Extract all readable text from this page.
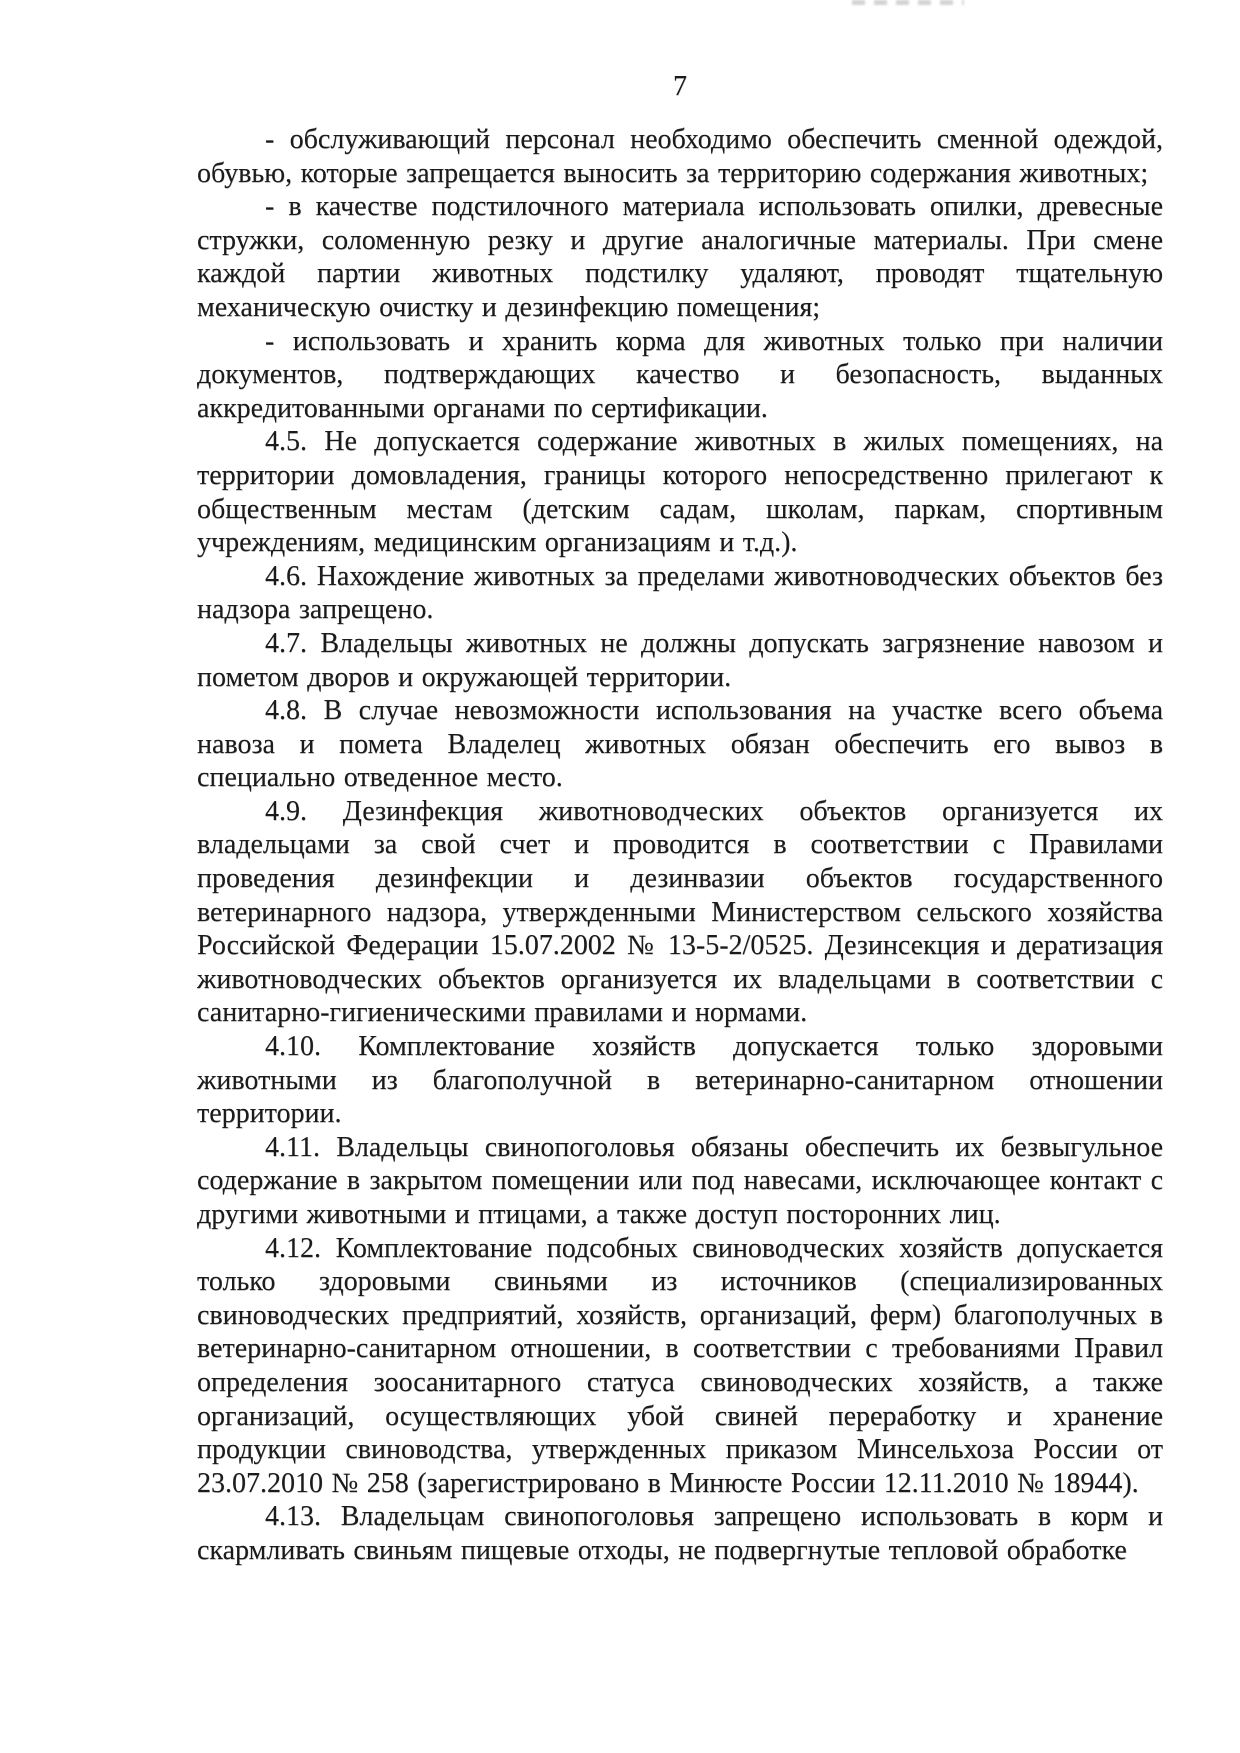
7

- обслуживающий персонал необходимо обеспечить сменной одеждой, обувью, которые запрещается выносить за территорию содержания животных;

- в качестве подстилочного материала использовать опилки, древесные стружки, соломенную резку и другие аналогичные материалы. При смене каждой партии животных подстилку удаляют, проводят тщательную механическую очистку и дезинфекцию помещения;

- использовать и хранить корма для животных только при наличии документов, подтверждающих качество и безопасность, выданных аккредитованными органами по сертификации.

4.5. Не допускается содержание животных в жилых помещениях, на территории домовладения, границы которого непосредственно прилегают к общественным местам (детским садам, школам, паркам, спортивным учреждениям, медицинским организациям и т.д.).

4.6. Нахождение животных за пределами животноводческих объектов без надзора запрещено.

4.7. Владельцы животных не должны допускать загрязнение навозом и пометом дворов и окружающей территории.

4.8. В случае невозможности использования на участке всего объема навоза и помета Владелец животных обязан обеспечить его вывоз в специально отведенное место.

4.9. Дезинфекция животноводческих объектов организуется их владельцами за свой счет и проводится в соответствии с Правилами проведения дезинфекции и дезинвазии объектов государственного ветеринарного надзора, утвержденными Министерством сельского хозяйства Российской Федерации 15.07.2002 № 13-5-2/0525. Дезинсекция и дератизация животноводческих объектов организуется их владельцами в соответствии с санитарно-гигиеническими правилами и нормами.

4.10. Комплектование хозяйств допускается только здоровыми животными из благополучной в ветеринарно-санитарном отношении территории.

4.11. Владельцы свинопоголовья обязаны обеспечить их безвыгульное содержание в закрытом помещении или под навесами, исключающее контакт с другими животными и птицами, а также доступ посторонних лиц.

4.12. Комплектование подсобных свиноводческих хозяйств допускается только здоровыми свиньями из источников (специализированных свиноводческих предприятий, хозяйств, организаций, ферм) благополучных в ветеринарно-санитарном отношении, в соответствии с требованиями Правил определения зоосанитарного статуса свиноводческих хозяйств, а также организаций, осуществляющих убой свиней переработку и хранение продукции свиноводства, утвержденных приказом Минсельхоза России от 23.07.2010 № 258 (зарегистрировано в Минюсте России 12.11.2010 № 18944).

4.13. Владельцам свинопоголовья запрещено использовать в корм и скармливать свиньям пищевые отходы, не подвергнутые тепловой обработке
